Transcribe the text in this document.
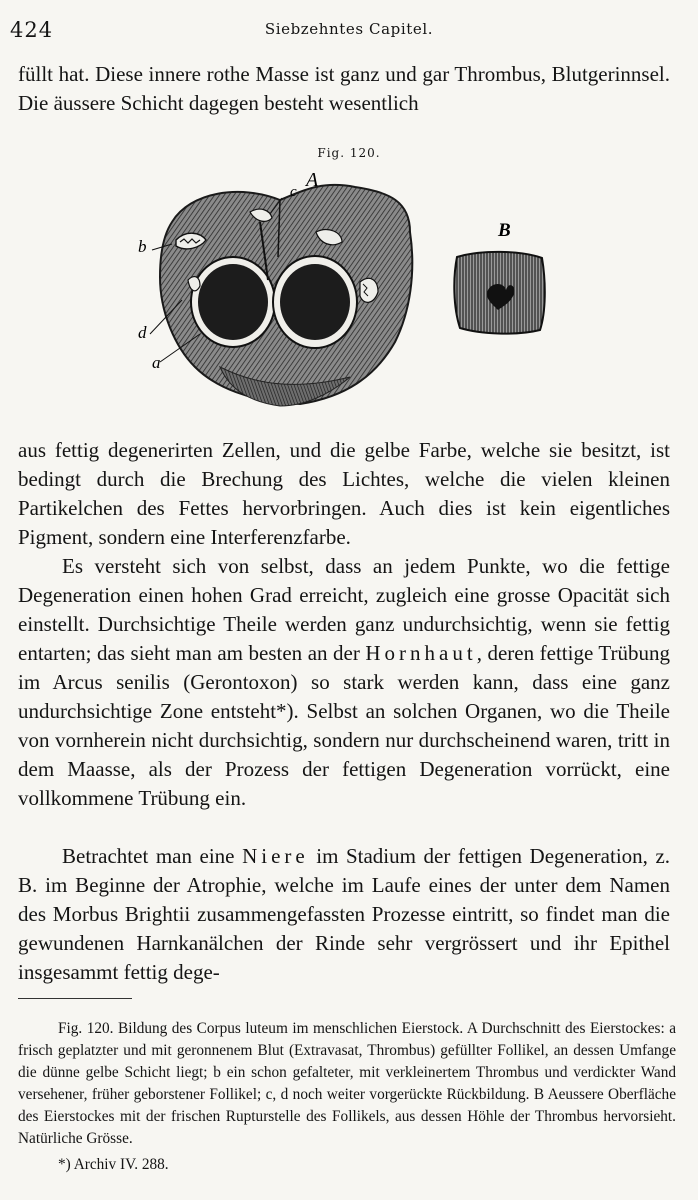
424	Siebzehntes Capitel.

füllt hat. Diese innere rothe Masse ist ganz und gar Thrombus, Blutgerinnsel. Die äussere Schicht dagegen besteht wesentlich

Fig. 120.
A
c
b
d
a
B

aus fettig degenerirten Zellen, und die gelbe Farbe, welche sie besitzt, ist bedingt durch die Brechung des Lichtes, welche die vielen kleinen Partikelchen des Fettes hervorbringen. Auch dies ist kein eigentliches Pigment, sondern eine Interferenzfarbe.

Es versteht sich von selbst, dass an jedem Punkte, wo die fettige Degeneration einen hohen Grad erreicht, zugleich eine grosse Opacität sich einstellt. Durchsichtige Theile werden ganz undurchsichtig, wenn sie fettig entarten; das sieht man am besten an der Hornhaut, deren fettige Trübung im Arcus senilis (Gerontoxon) so stark werden kann, dass eine ganz undurchsichtige Zone entsteht*). Selbst an solchen Organen, wo die Theile von vornherein nicht durchsichtig, sondern nur durchscheinend waren, tritt in dem Maasse, als der Prozess der fettigen Degeneration vorrückt, eine vollkommene Trübung ein.

Betrachtet man eine Niere im Stadium der fettigen Degeneration, z. B. im Beginne der Atrophie, welche im Laufe eines der unter dem Namen des Morbus Brightii zusammengefassten Prozesse eintritt, so findet man die gewundenen Harnkanälchen der Rinde sehr vergrössert und ihr Epithel insgesammt fettig dege-

Fig. 120. Bildung des Corpus luteum im menschlichen Eierstock. A Durchschnitt des Eierstockes: a frisch geplatzter und mit geronnenem Blut (Extravasat, Thrombus) gefüllter Follikel, an dessen Umfange die dünne gelbe Schicht liegt; b ein schon gefalteter, mit verkleinertem Thrombus und verdickter Wand versehener, früher geborstener Follikel; c, d noch weiter vorgerückte Rückbildung. B Aeussere Oberfläche des Eierstockes mit der frischen Rupturstelle des Follikels, aus dessen Höhle der Thrombus hervorsieht. Natürliche Grösse.

*) Archiv IV. 288.
